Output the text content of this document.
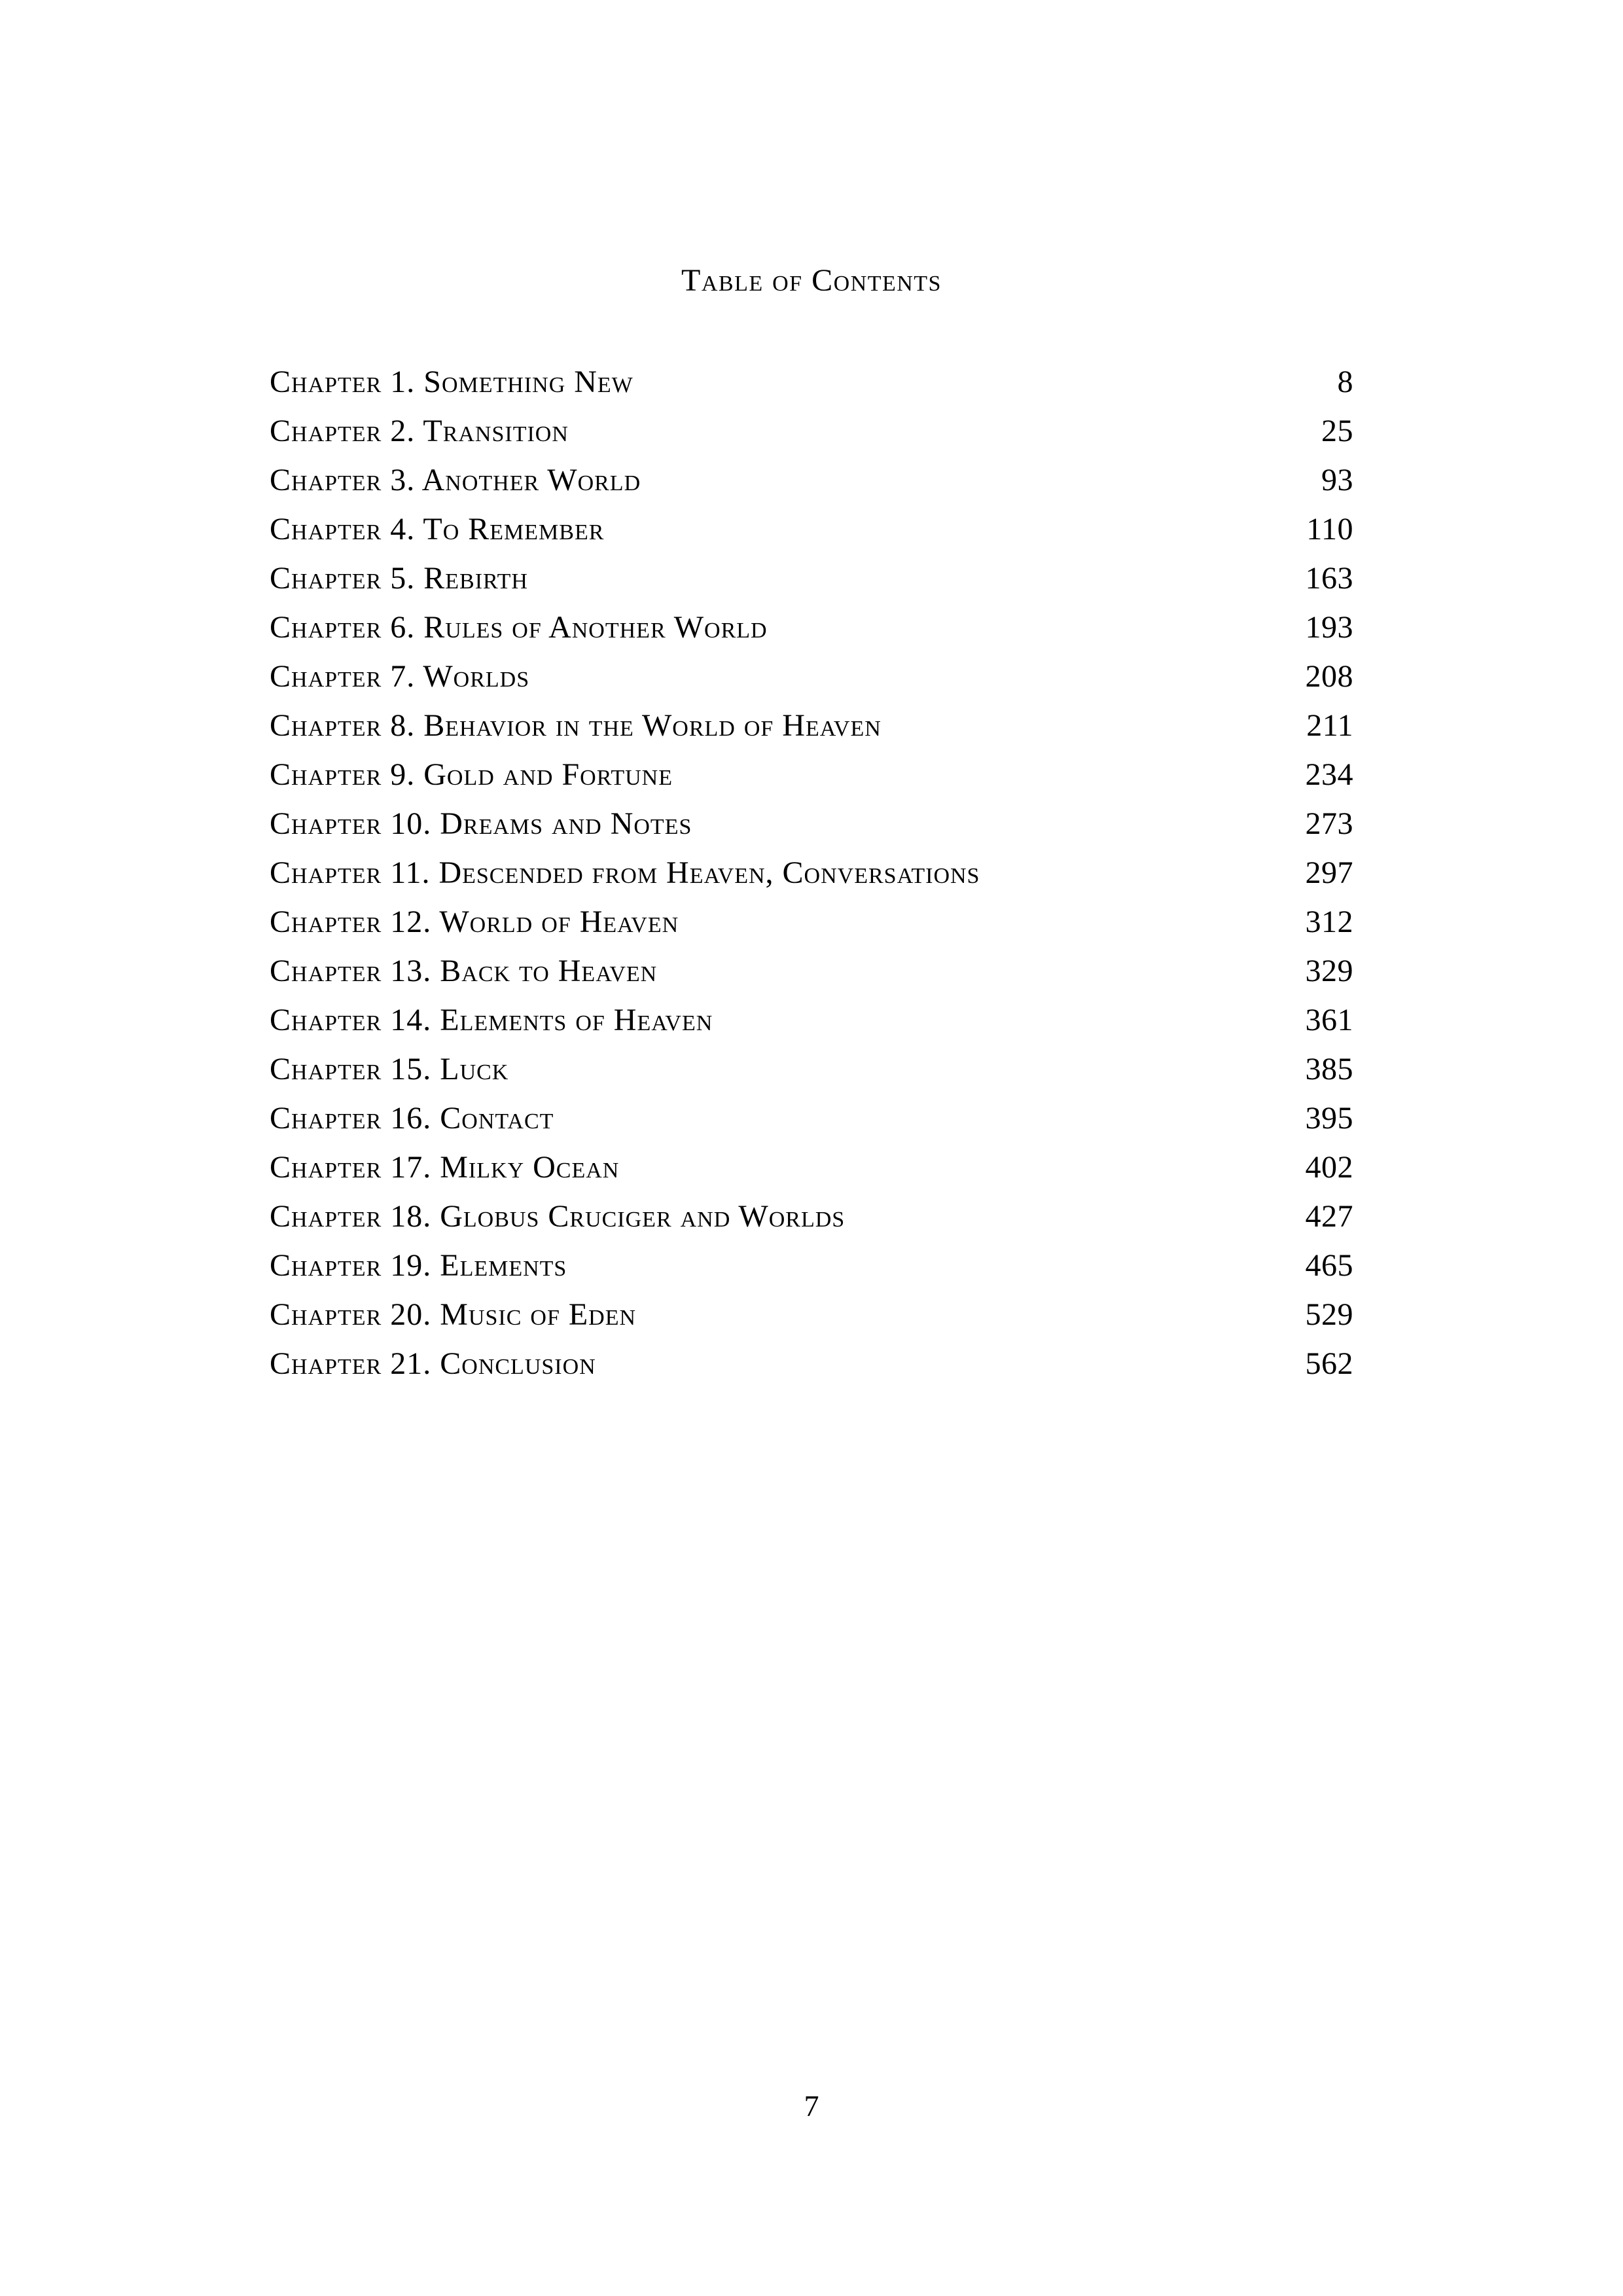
Table of Contents
Chapter 1. Something New	8
Chapter 2. Transition	25
Chapter 3. Another World	93
Chapter 4. To Remember	110
Chapter 5. Rebirth	163
Chapter 6. Rules of Another World	193
Chapter 7. Worlds	208
Chapter 8. Behavior in the World of Heaven	211
Chapter 9. Gold and Fortune	234
Chapter 10. Dreams and Notes	273
Chapter 11. Descended from Heaven, Conversations	297
Chapter 12. World of Heaven	312
Chapter 13. Back to Heaven	329
Chapter 14. Elements of Heaven	361
Chapter 15. Luck	385
Chapter 16. Contact	395
Chapter 17. Milky Ocean	402
Chapter 18. Globus Cruciger and Worlds	427
Chapter 19. Elements	465
Chapter 20. Music of Eden	529
Chapter 21. Conclusion	562
7
